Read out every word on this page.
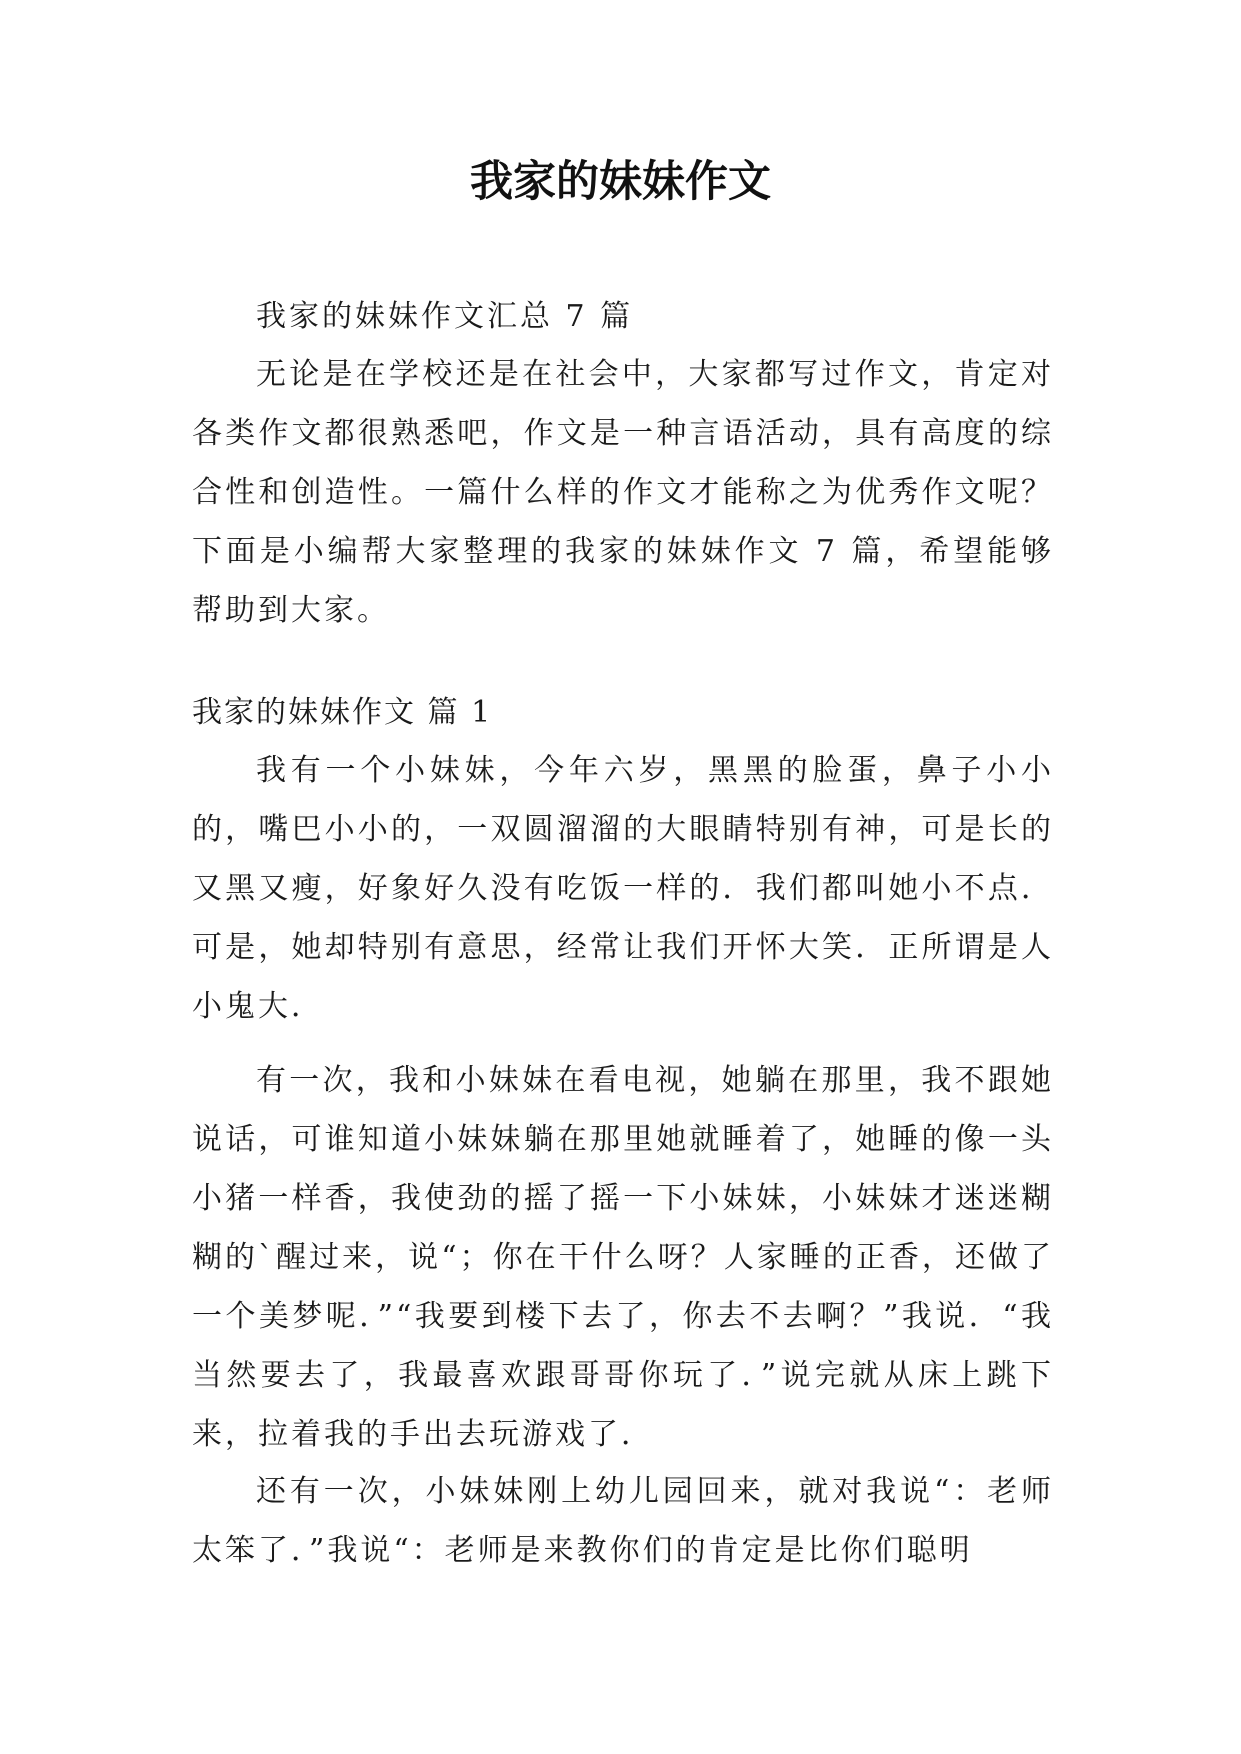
我家的妹妹作文

我家的妹妹作文汇总 7 篇

无论是在学校还是在社会中，大家都写过作文，肯定对各类作文都很熟悉吧，作文是一种言语活动，具有高度的综合性和创造性。一篇什么样的作文才能称之为优秀作文呢？下面是小编帮大家整理的我家的妹妹作文 7 篇，希望能够帮助到大家。

我家的妹妹作文 篇 1

我有一个小妹妹，今年六岁，黑黑的脸蛋，鼻子小小的，嘴巴小小的，一双圆溜溜的大眼睛特别有神，可是长的又黑又瘦，好象好久没有吃饭一样的．我们都叫她小不点．可是，她却特别有意思，经常让我们开怀大笑．正所谓是人小鬼大．

有一次，我和小妹妹在看电视，她躺在那里，我不跟她说话，可谁知道小妹妹躺在那里她就睡着了，她睡的像一头小猪一样香，我使劲的摇了摇一下小妹妹，小妹妹才迷迷糊糊的`醒过来，说“；你在干什么呀？人家睡的正香，还做了一个美梦呢．”“我要到楼下去了，你去不去啊？”我说．“我当然要去了，我最喜欢跟哥哥你玩了．”说完就从床上跳下来，拉着我的手出去玩游戏了．

还有一次，小妹妹刚上幼儿园回来，就对我说“：老师太笨了．”我说“：老师是来教你们的肯定是比你们聪明
